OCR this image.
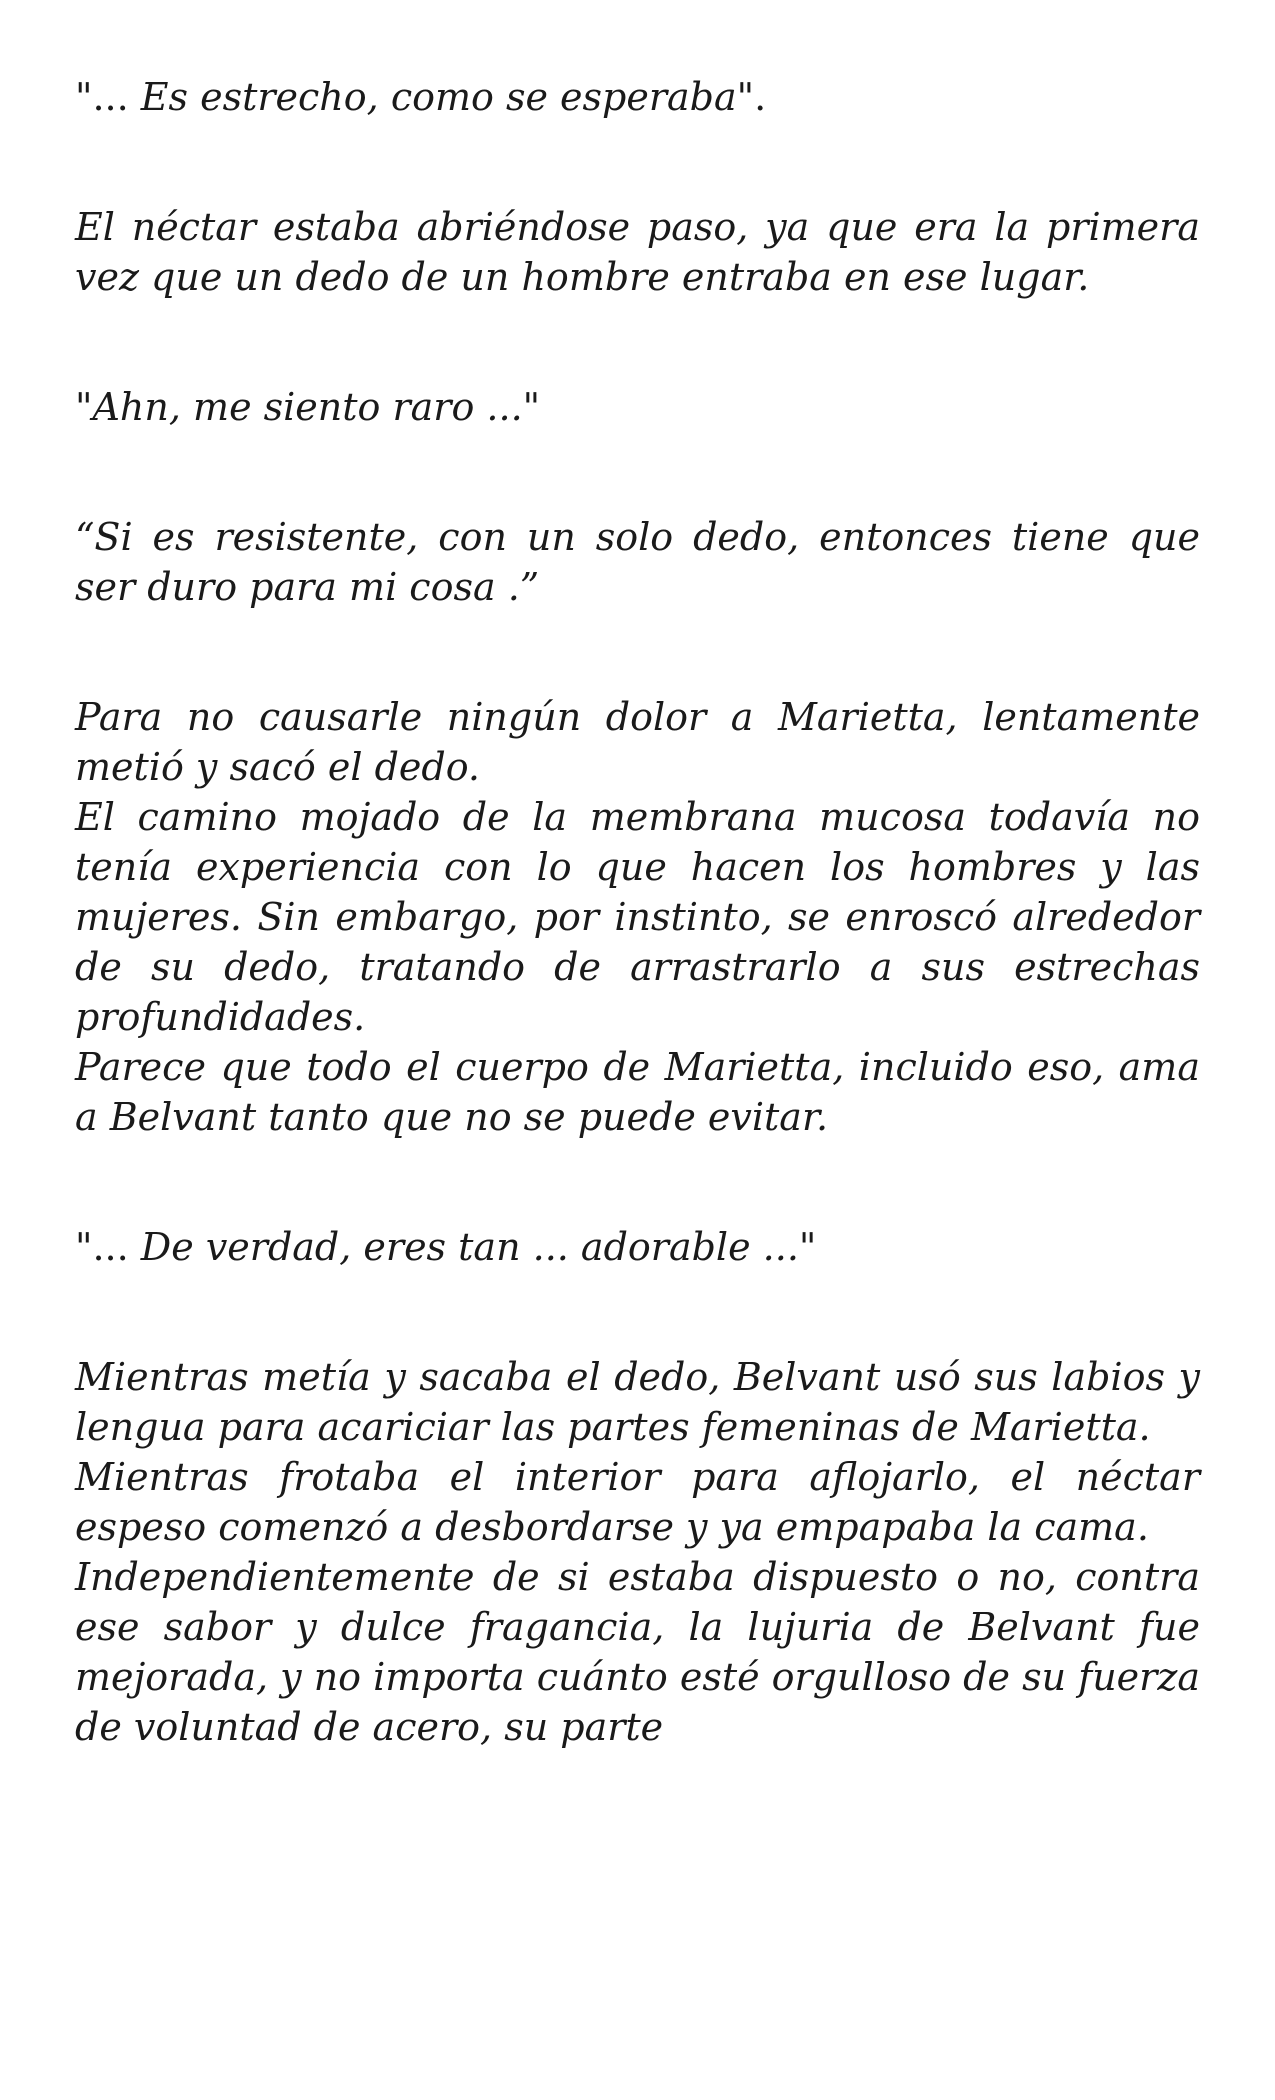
"... Es estrecho, como se esperaba".

El néctar estaba abriéndose paso, ya que era la primera vez que un dedo de un hombre entraba en ese lugar.

"Ahn, me siento raro ..."

“Si es resistente, con un solo dedo, entonces tiene que ser duro para mi cosa .”

Para no causarle ningún dolor a Marietta, lentamente metió y sacó el dedo.

El camino mojado de la membrana mucosa todavía no tenía experiencia con lo que hacen los hombres y las mujeres. Sin embargo, por instinto, se enroscó alrededor de su dedo, tratando de arrastrarlo a sus estrechas profundidades.

Parece que todo el cuerpo de Marietta, incluido eso, ama a Belvant tanto que no se puede evitar.

"... De verdad, eres tan ... adorable ..."

Mientras metía y sacaba el dedo, Belvant usó sus labios y lengua para acariciar las partes femeninas de Marietta.

Mientras frotaba el interior para aflojarlo, el néctar espeso comenzó a desbordarse y ya empapaba la cama.

Independientemente de si estaba dispuesto o no, contra ese sabor y dulce fragancia, la lujuria de Belvant fue mejorada, y no importa cuánto esté orgulloso de su fuerza de voluntad de acero, su parte
